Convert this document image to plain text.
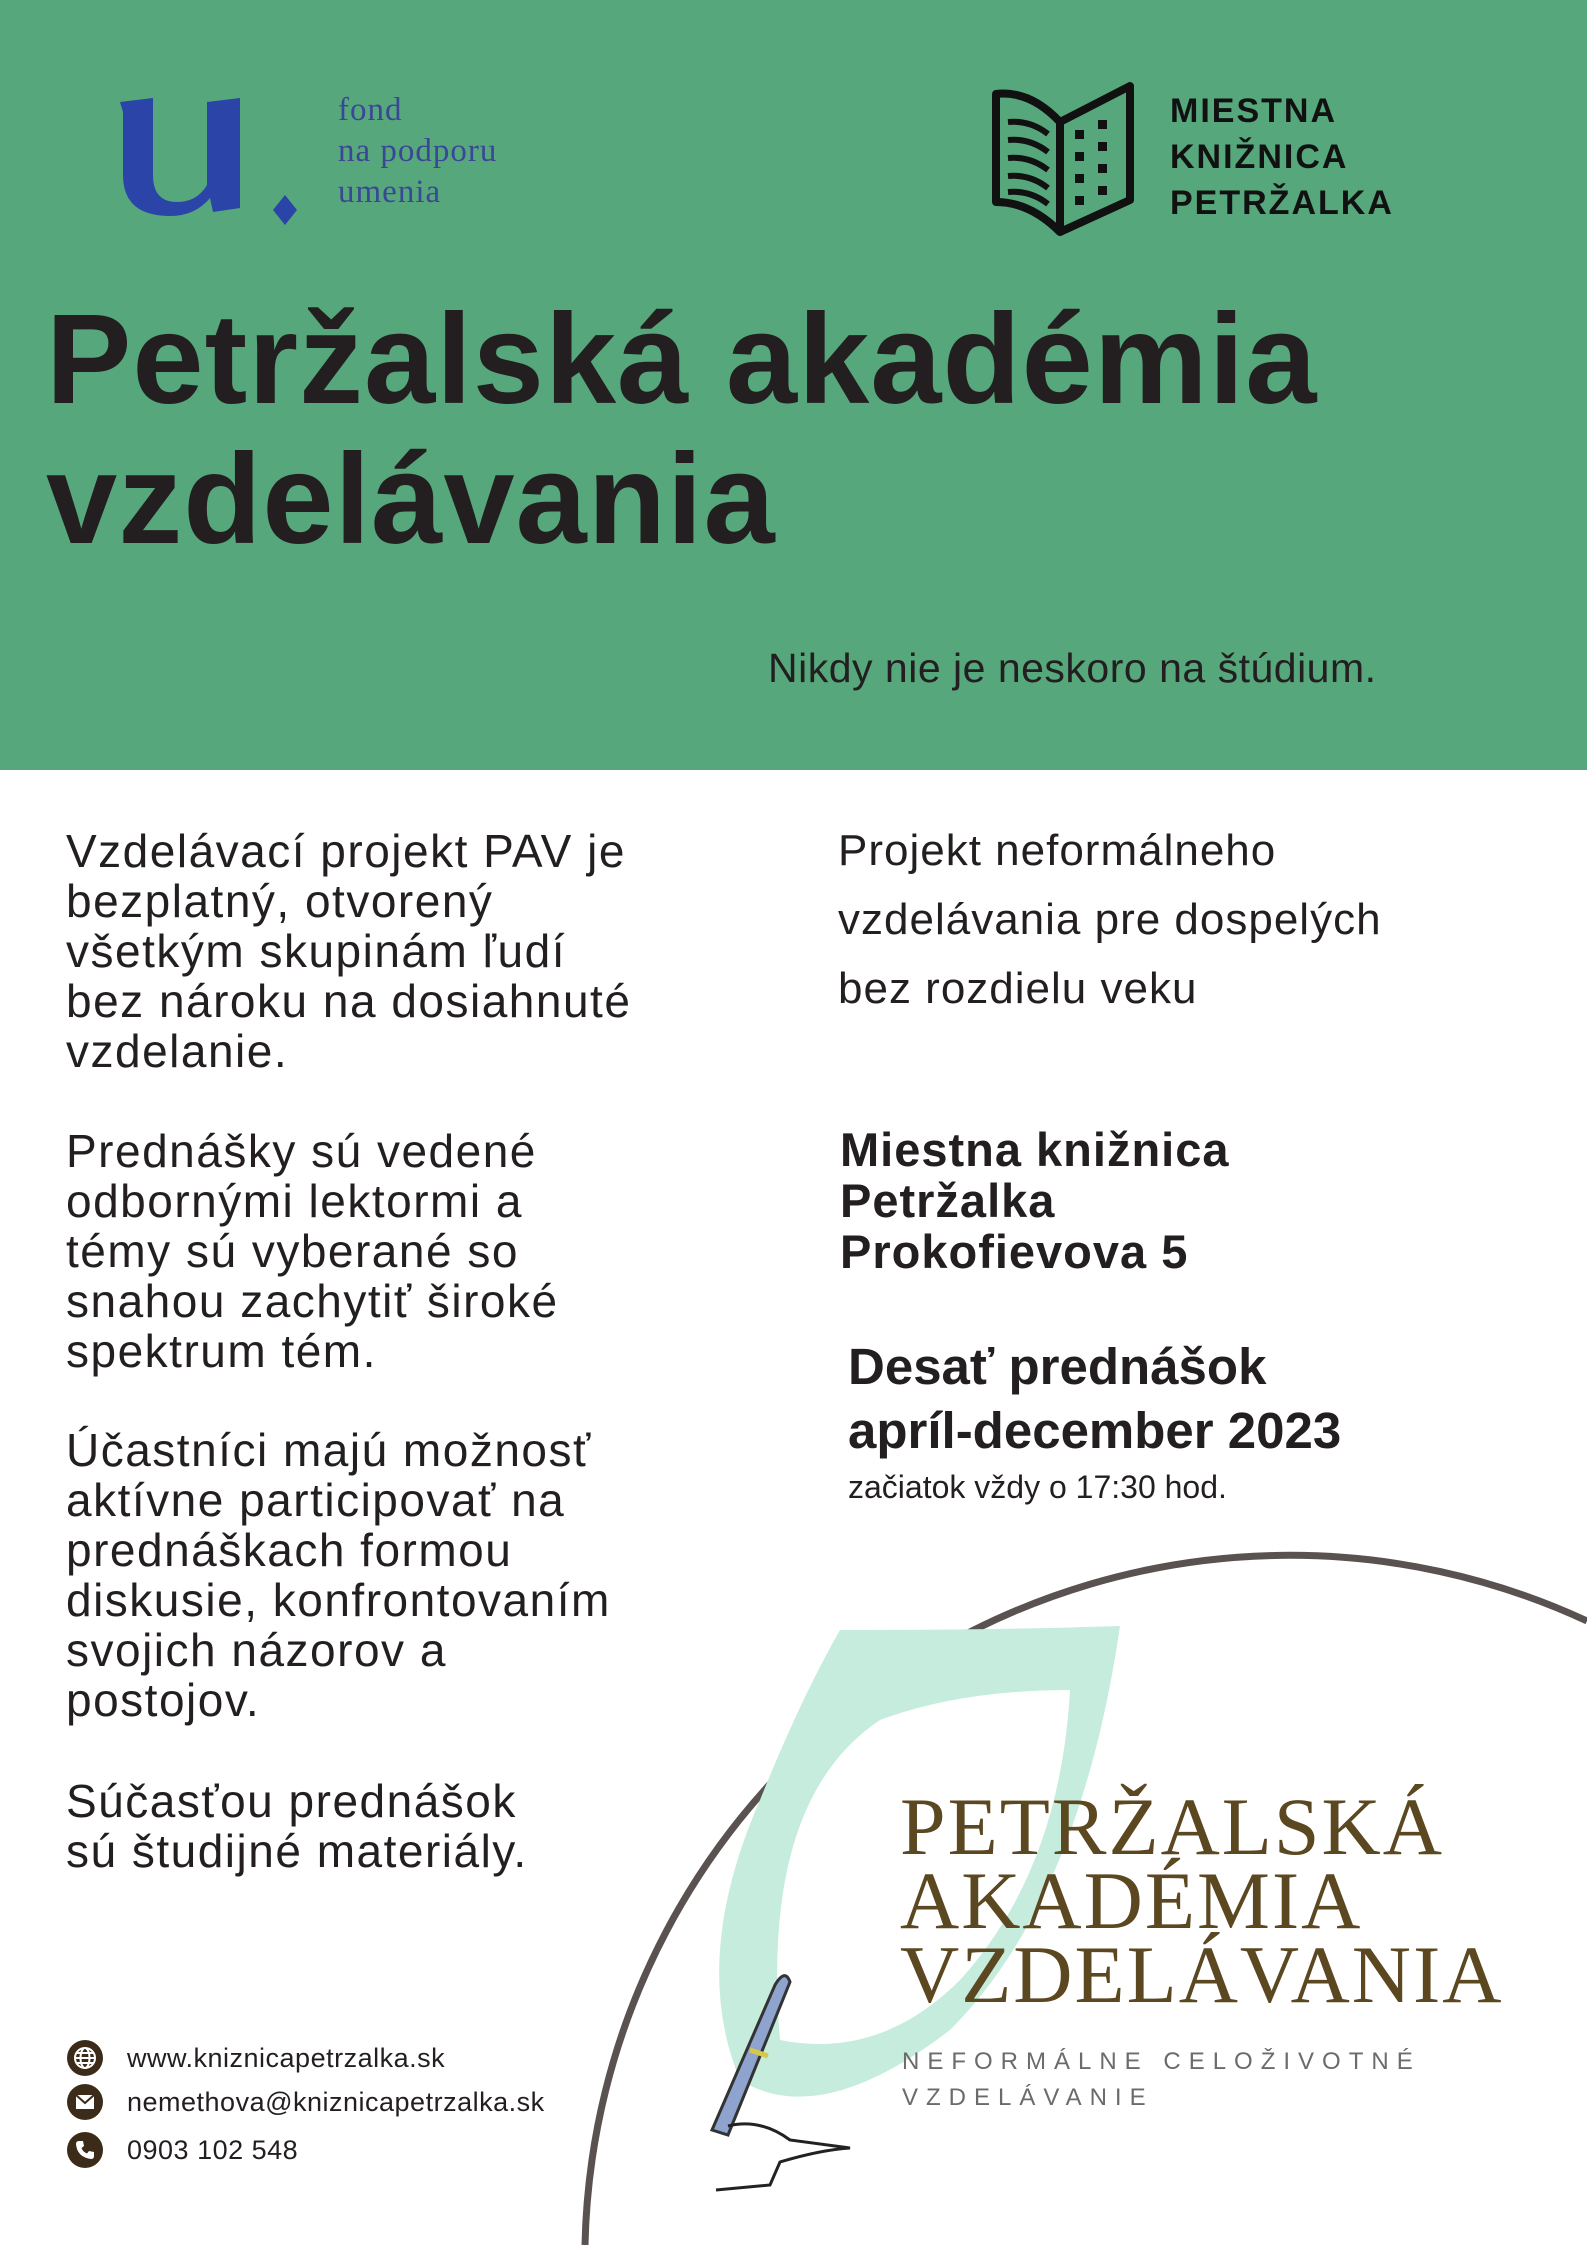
fond
na podporu
umenia
MIESTNA
KNIŽNICA
PETRŽALKA
Petržalská akadémia
vzdelávania
Nikdy nie je neskoro na štúdium.
PETRŽALSKÁ
AKADÉMIA
VZDELÁVANIA
NEFORMÁLNE CELOŽIVOTNÉ
VZDELÁVANIE
Vzdelávací projekt PAV je
bezplatný, otvorený
všetkým skupinám ľudí
bez nároku na dosiahnuté
vzdelanie.
Prednášky sú vedené
odbornými lektormi a
témy sú vyberané so
snahou zachytiť široké
spektrum tém.
Účastníci majú možnosť
aktívne participovať na
prednáškach formou
diskusie, konfrontovaním
svojich názorov a
postojov.
Súčasťou prednášok
sú študijné materiály.
Projekt neformálneho
vzdelávania pre dospelých
bez rozdielu veku
Miestna knižnica
Petržalka
Prokofievova 5
Desať prednášok
apríl-december 2023
začiatok vždy o 17:30 hod.
www.kniznicapetrzalka.sk
nemethova@kniznicapetrzalka.sk
0903 102 548
